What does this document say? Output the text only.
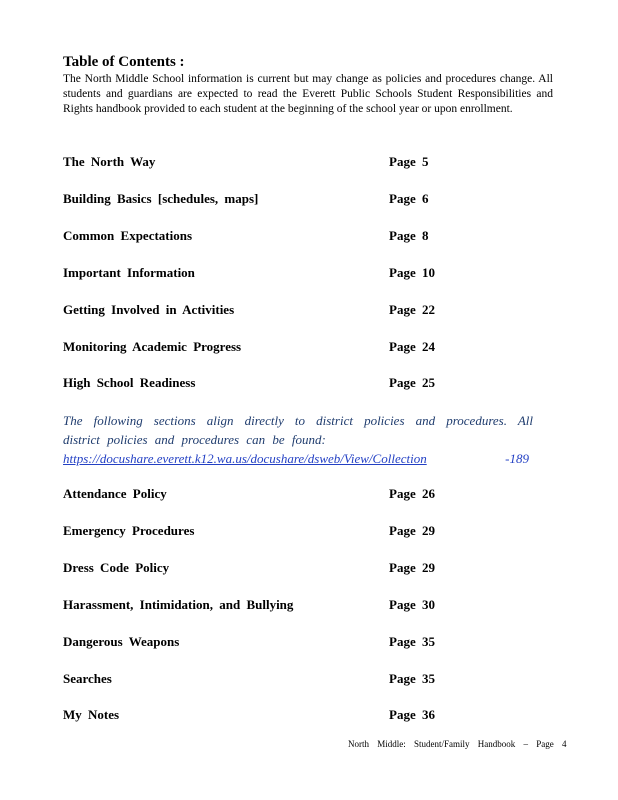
Table of Contents :

The North Middle School information is current but may change as policies and procedures change. All students and guardians are expected to read the Everett Public Schools Student Responsibilities and Rights handbook provided to each student at the beginning of the school year or upon enrollment.

The North Way	Page 5
Building Basics [schedules, maps]	Page 6
Common Expectations	Page 8
Important Information	Page 10
Getting Involved in Activities	Page 22
Monitoring Academic Progress	Page 24
High School Readiness	Page 25
The following sections align directly to district policies and procedures. All
district policies and procedures can be found:
https://docushare.everett.k12.wa.us/docushare/dsweb/View/Collection	-189
Attendance Policy	Page 26
Emergency Procedures	Page 29
Dress Code Policy	Page 29
Harassment, Intimidation, and Bullying	Page 30
Dangerous Weapons	Page 35
Searches	Page 35
My Notes	Page 36
North Middle: Student/Family Handbook – Page 4
